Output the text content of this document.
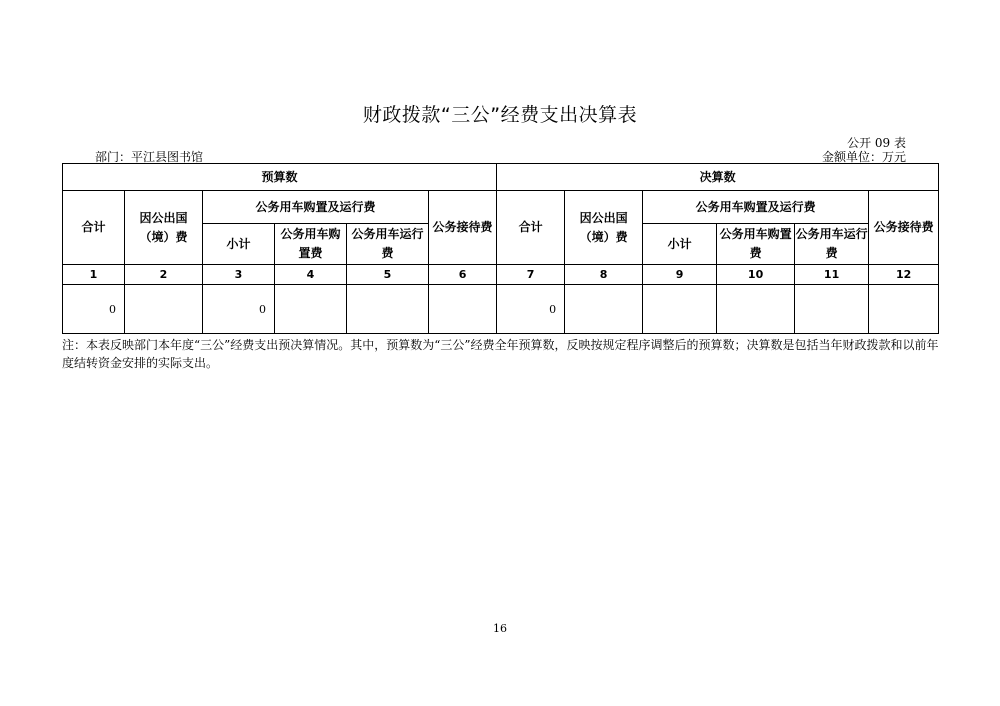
财政拨款“三公”经费支出决算表
公开 09 表
部门：平江县图书馆	金额单位：万元
预算数						决算数					
合计	因公出国（境）费	公务用车购置及运行费			公务接待费	合计	因公出国（境）费	公务用车购置及运行费			公务接待费
		小计	公务用车购置费	公务用车运行费				小计	公务用车购置费	公务用车运行费	
1	2	3	4	5	6	7	8	9	10	11	12
0		0				0					
注：本表反映部门本年度“三公”经费支出预决算情况。其中，预算数为“三公”经费全年预算数，反映按规定程序调整后的预算数；决算数是包括当年财政拨款和以前年度结转资金安排的实际支出。
16
